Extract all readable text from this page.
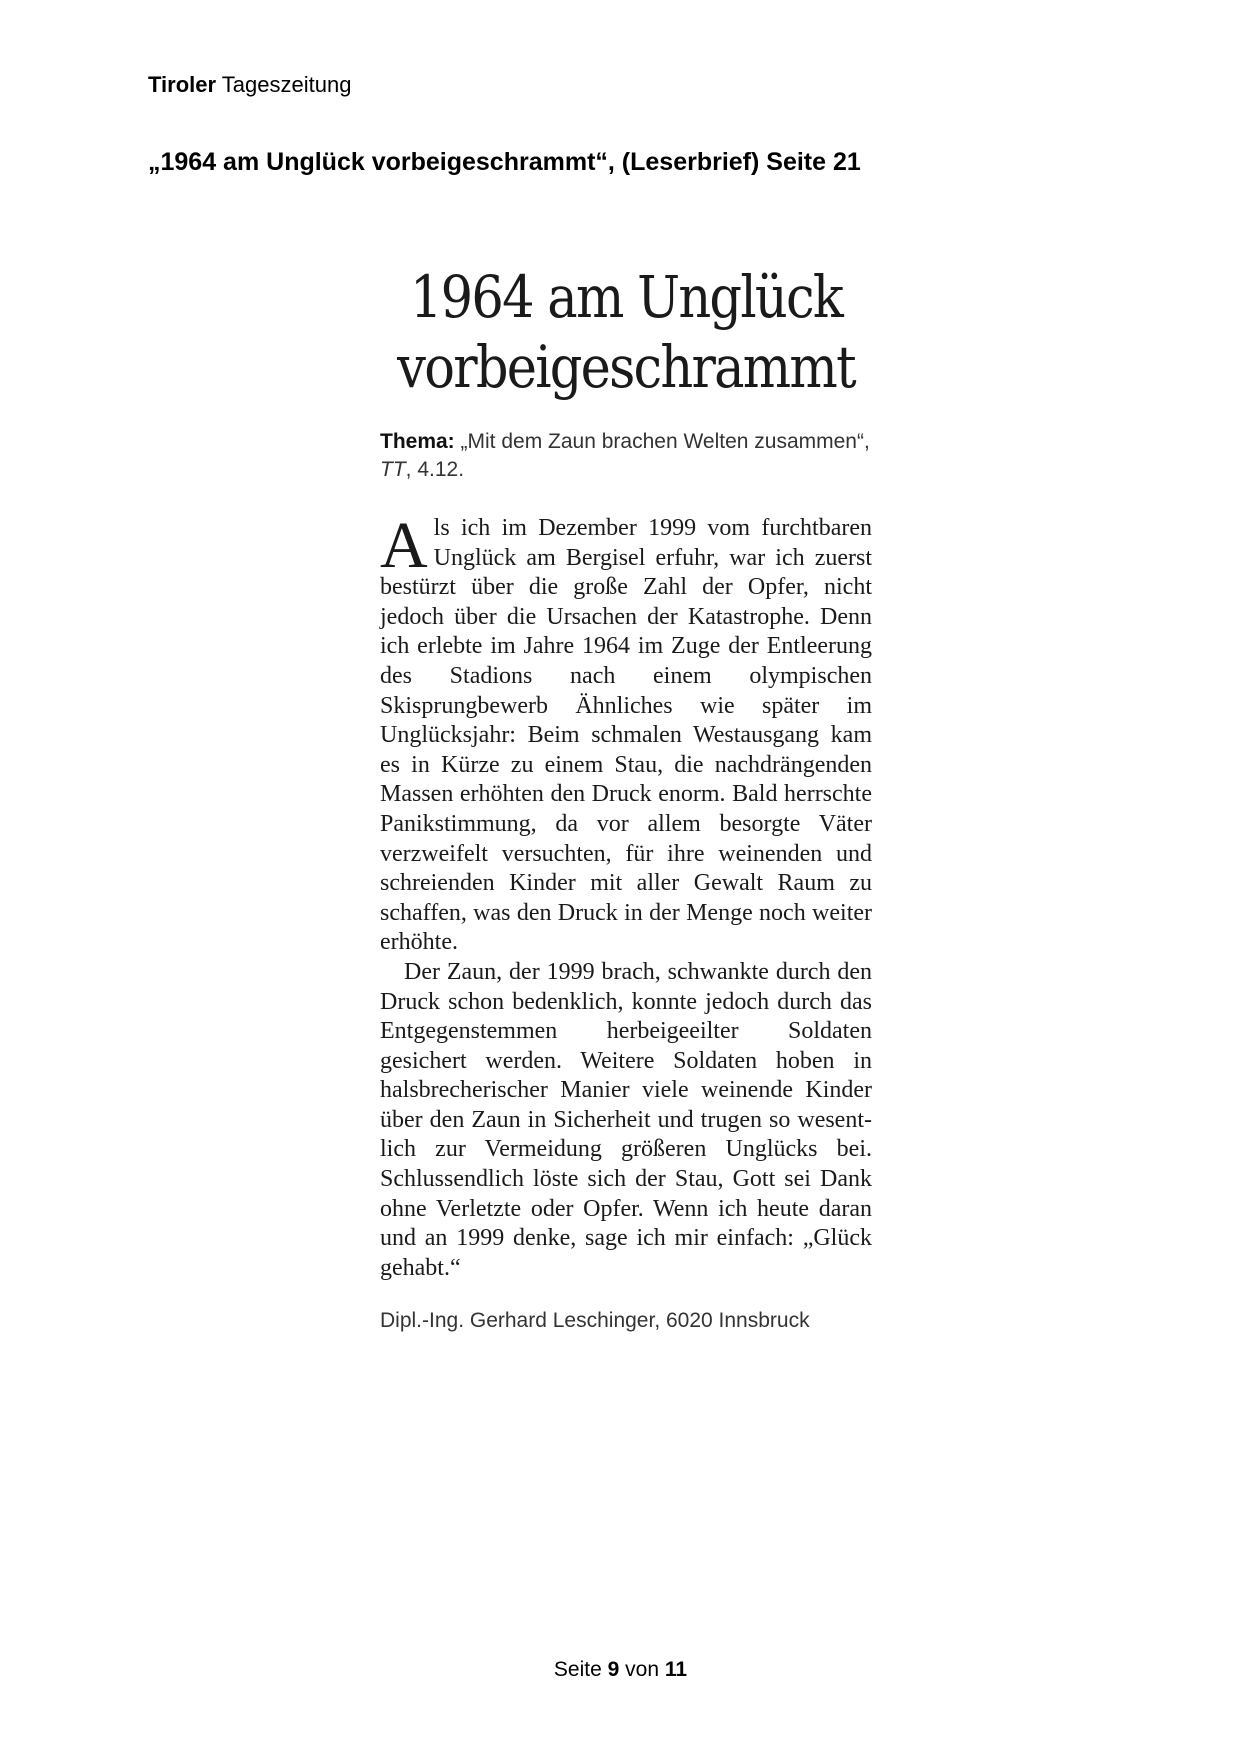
Tiroler Tageszeitung
„1964 am Unglück vorbeigeschrammt“, (Leserbrief) Seite 21
1964 am Unglück
vorbeigeschrammt
Thema: „Mit dem Zaun brachen Welten zusammen“, TT, 4.12.

Als ich im Dezember 1999 vom furchtbaren Unglück am Bergisel erfuhr, war ich zuerst bestürzt über die große Zahl der Opfer, nicht jedoch über die Ursachen der Katastrophe. Denn ich erlebte im Jahre 1964 im Zuge der Entleerung des Stadions nach einem olympischen Skisprungbewerb Ähnliches wie später im Unglücksjahr: Beim schmalen Westausgang kam es in Kürze zu einem Stau, die nachdrängenden Massen erhöhten den Druck enorm. Bald herrschte Panikstimmung, da vor allem besorgte Väter verzweifelt versuchten, für ihre weinenden und schreienden Kinder mit aller Gewalt Raum zu schaffen, was den Druck in der Menge noch weiter erhöhte.

Der Zaun, der 1999 brach, schwankte durch den Druck schon bedenklich, konnte jedoch durch das Entgegenstemmen herbeigeeilter Soldaten gesichert werden. Weitere Soldaten hoben in halsbrecherischer Manier viele weinende Kinder über den Zaun in Sicherheit und trugen so wesentlich zur Vermeidung größeren Unglücks bei. Schlussendlich löste sich der Stau, Gott sei Dank ohne Verletzte oder Opfer. Wenn ich heute daran und an 1999 denke, sage ich mir einfach: „Glück gehabt.“

Dipl.-Ing. Gerhard Leschinger, 6020 Innsbruck
Seite 9 von 11
